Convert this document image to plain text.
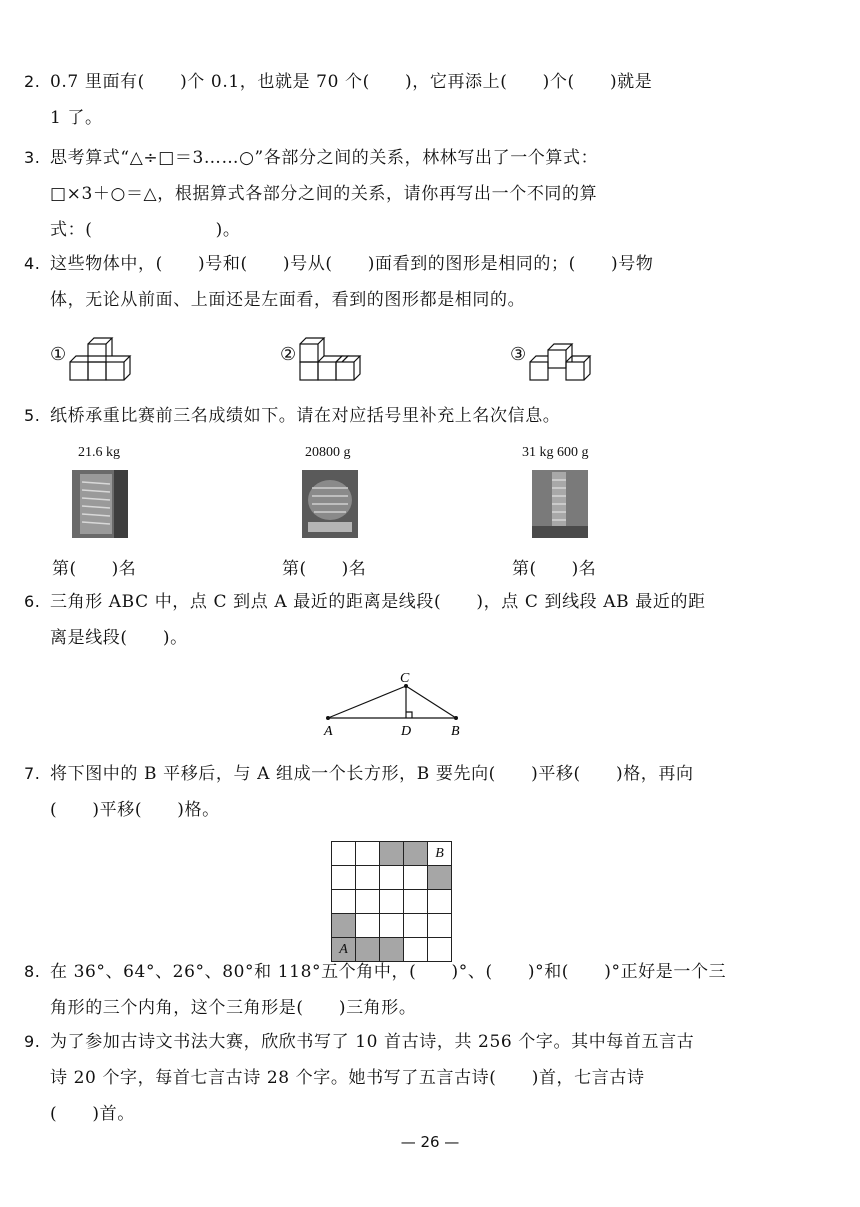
2. 0.7 里面有(　　)个 0.1，也就是 70 个(　　)，它再添上(　　)个(　　)就是
1 了。
3. 思考算式“△÷□＝3……○”各部分之间的关系，林林写出了一个算式：
□×3＋○＝△，根据算式各部分之间的关系，请你再写出一个不同的算
式：(　　　　　　　)。
4. 这些物体中，(　　)号和(　　)号从(　　)面看到的图形是相同的；(　　)号物
体，无论从前面、上面还是左面看，看到的图形都是相同的。
①	②	③
5. 纸桥承重比赛前三名成绩如下。请在对应括号里补充上名次信息。
21.6 kg
第(　　)名
20800 g
第(　　)名
31 kg 600 g
第(　　)名
6. 三角形 ABC 中，点 C 到点 A 最近的距离是线段(　　)，点 C 到线段 AB 最近的距
离是线段(　　)。
C
A	D	B
7. 将下图中的 B 平移后，与 A 组成一个长方形，B 要先向(　　)平移(　　)格，再向
(　　)平移(　　)格。
				B

A				
8. 在 36°、64°、26°、80°和 118°五个角中，(　　)°、(　　)°和(　　)°正好是一个三
角形的三个内角，这个三角形是(　　)三角形。
9. 为了参加古诗文书法大赛，欣欣书写了 10 首古诗，共 256 个字。其中每首五言古
诗 20 个字，每首七言古诗 28 个字。她书写了五言古诗(　　)首，七言古诗
(　　)首。
— 26 —
